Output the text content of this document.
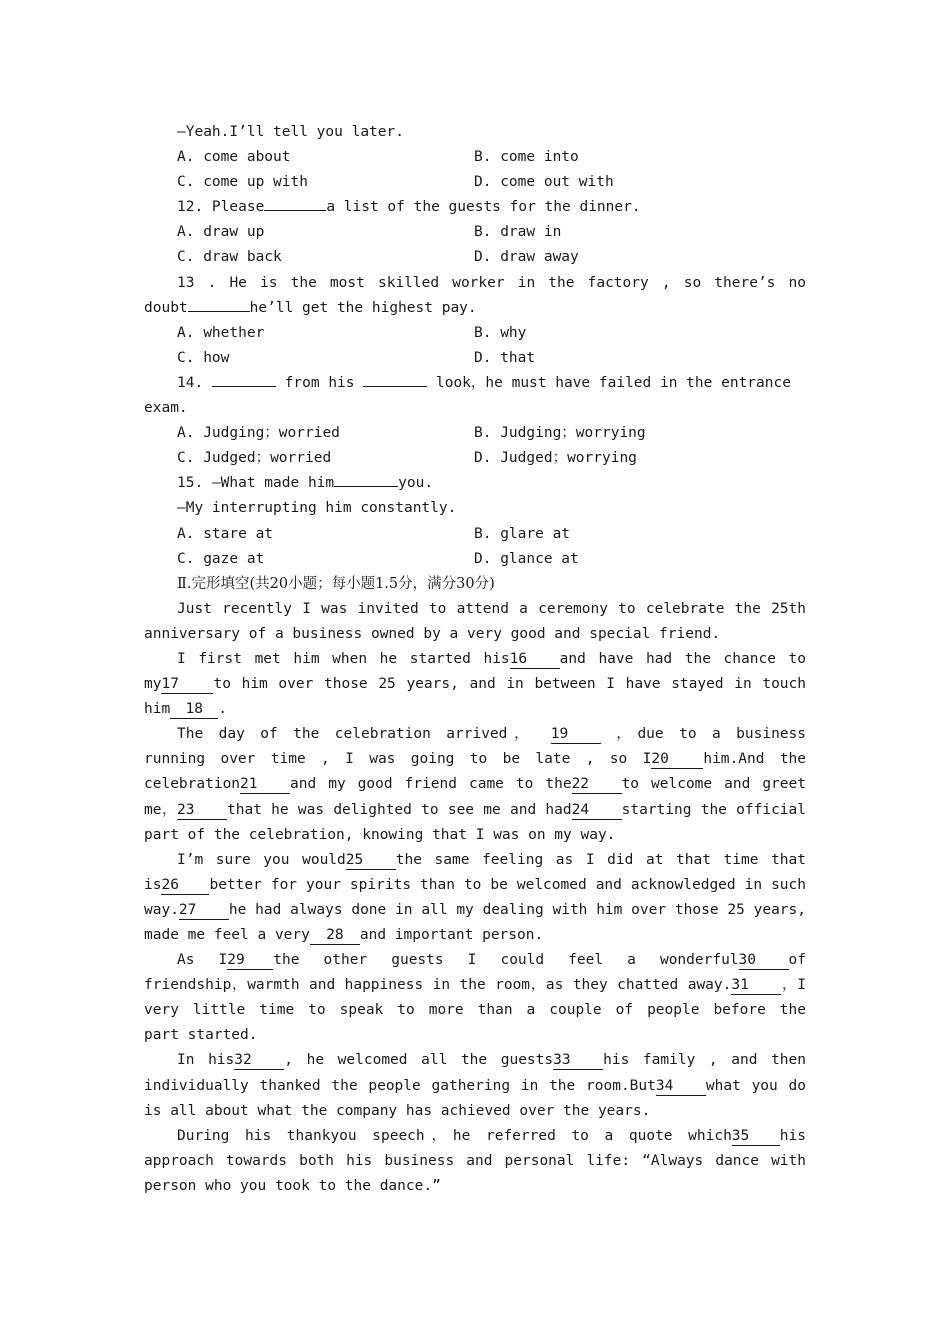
—Yeah.I’ll tell you later.
A. come about	B. come into
C. come up with	D. come out with
12. Please	a list of the guests for the dinner.
A. draw up	B. draw in
C. draw back	D. draw away
13 . He is the most skilled worker in the factory , so there’s no
doubt	he’ll get the highest pay.
A. whether	B. why
C. how	D. that
14.	from his	look，he must have failed in the entrance
exam.
A. Judging；worried	B. Judging；worrying
C. Judged；worried	D. Judged；worrying
15. —What made him	you.
—My interrupting him constantly.
A. stare at	B. glare at
C. gaze at	D. glance at
Ⅱ.完形填空(共20小题；每小题1.5分，满分30分)
Just recently I was invited to attend a ceremony to celebrate the 25th
anniversary of a business owned by a very good and special friend.
I first met him when he started his16 and have had the chance to
my17 to him over those 25 years, and in between I have stayed in touch
him 18 .
The day of the celebration arrived， 19	，due to a business
running over time , I was going to be late , so I20 him.And the
celebration21 and my good friend came to the22 to welcome and greet
me，23 that he was delighted to see me and had24 starting the official
part of the celebration, knowing that I was on my way.
I’m sure you would25 the same feeling as I did at that time that
is26 better for your spirits than to be welcomed and acknowledged in such
way.27 he had always done in all my dealing with him over those 25 years,
made me feel a very 28 and important person.
As I29 the other guests I could feel a wonderful30 of
friendship，warmth and happiness in the room，as they chatted away.31 ，I
very little time to speak to more than a couple of people before the
part started.
In his32 , he welcomed all the guests33 his family , and then
individually thanked the people gathering in the room.But34 what you do
is all about what the company has achieved over the years.
During his thankyou speech，he referred to a quote which35 his
approach towards both his business and personal life: “Always dance with
person who you took to the dance.”
